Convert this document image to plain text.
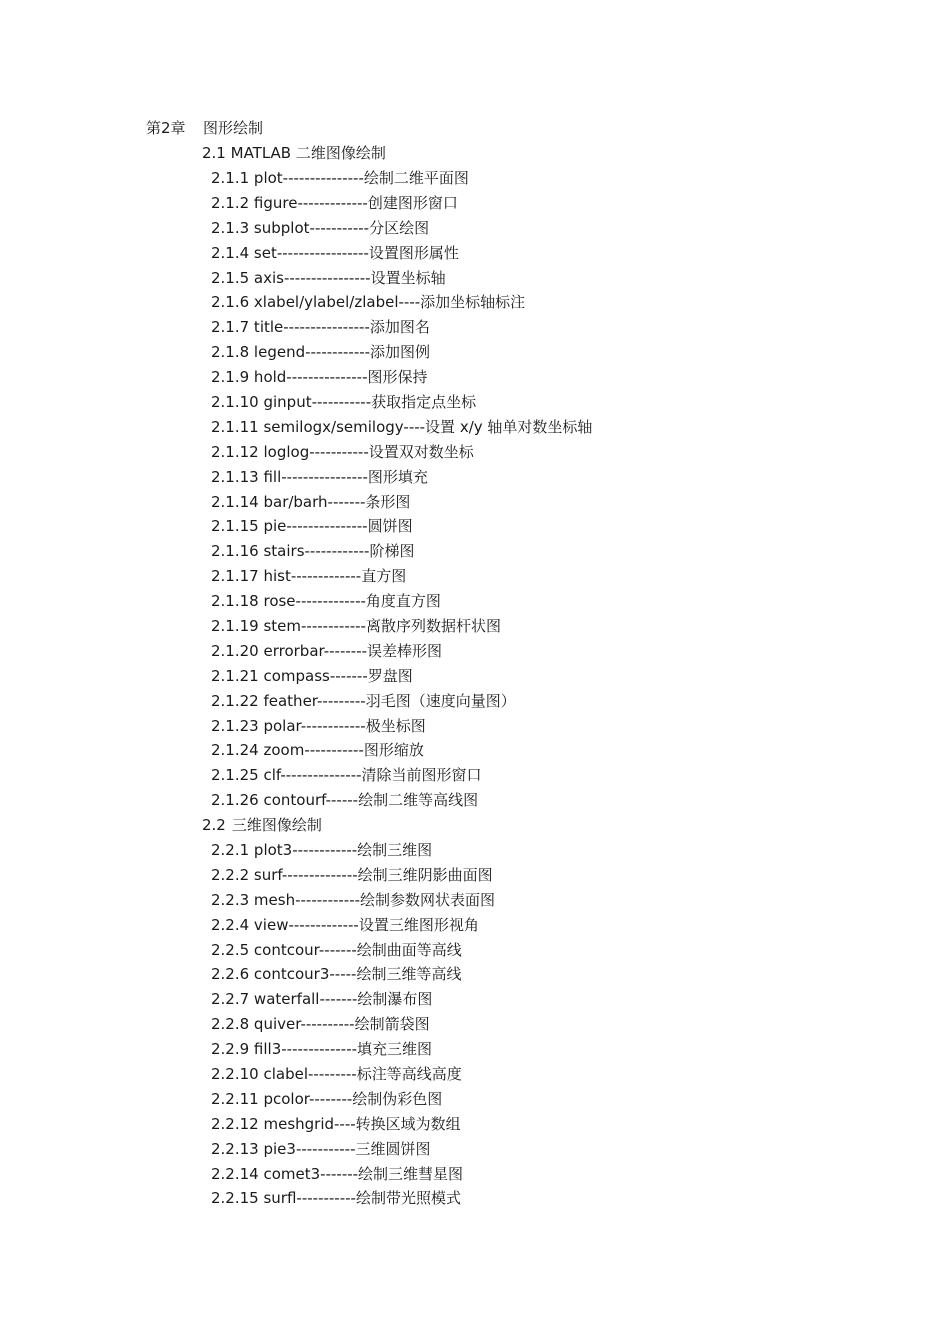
第2章 图形绘制
2.1 MATLAB 二维图像绘制
2.1.1 plot---------------绘制二维平面图
2.1.2 figure-------------创建图形窗口
2.1.3 subplot-----------分区绘图
2.1.4 set-----------------设置图形属性
2.1.5 axis----------------设置坐标轴
2.1.6 xlabel/ylabel/zlabel----添加坐标轴标注
2.1.7 title----------------添加图名
2.1.8 legend------------添加图例
2.1.9 hold---------------图形保持
2.1.10 ginput-----------获取指定点坐标
2.1.11 semilogx/semilogy----设置 x/y 轴单对数坐标轴
2.1.12 loglog-----------设置双对数坐标
2.1.13 fill----------------图形填充
2.1.14 bar/barh-------条形图
2.1.15 pie---------------圆饼图
2.1.16 stairs------------阶梯图
2.1.17 hist-------------直方图
2.1.18 rose-------------角度直方图
2.1.19 stem------------离散序列数据杆状图
2.1.20 errorbar--------误差棒形图
2.1.21 compass-------罗盘图
2.1.22 feather---------羽毛图（速度向量图）
2.1.23 polar------------极坐标图
2.1.24 zoom-----------图形缩放
2.1.25 clf---------------清除当前图形窗口
2.1.26 contourf------绘制二维等高线图
2.2 三维图像绘制
2.2.1 plot3------------绘制三维图
2.2.2 surf--------------绘制三维阴影曲面图
2.2.3 mesh------------绘制参数网状表面图
2.2.4 view-------------设置三维图形视角
2.2.5 contcour-------绘制曲面等高线
2.2.6 contcour3-----绘制三维等高线
2.2.7 waterfall-------绘制瀑布图
2.2.8 quiver----------绘制箭袋图
2.2.9 fill3--------------填充三维图
2.2.10 clabel---------标注等高线高度
2.2.11 pcolor--------绘制伪彩色图
2.2.12 meshgrid----转换区域为数组
2.2.13 pie3-----------三维圆饼图
2.2.14 comet3-------绘制三维彗星图
2.2.15 surfl-----------绘制带光照模式
